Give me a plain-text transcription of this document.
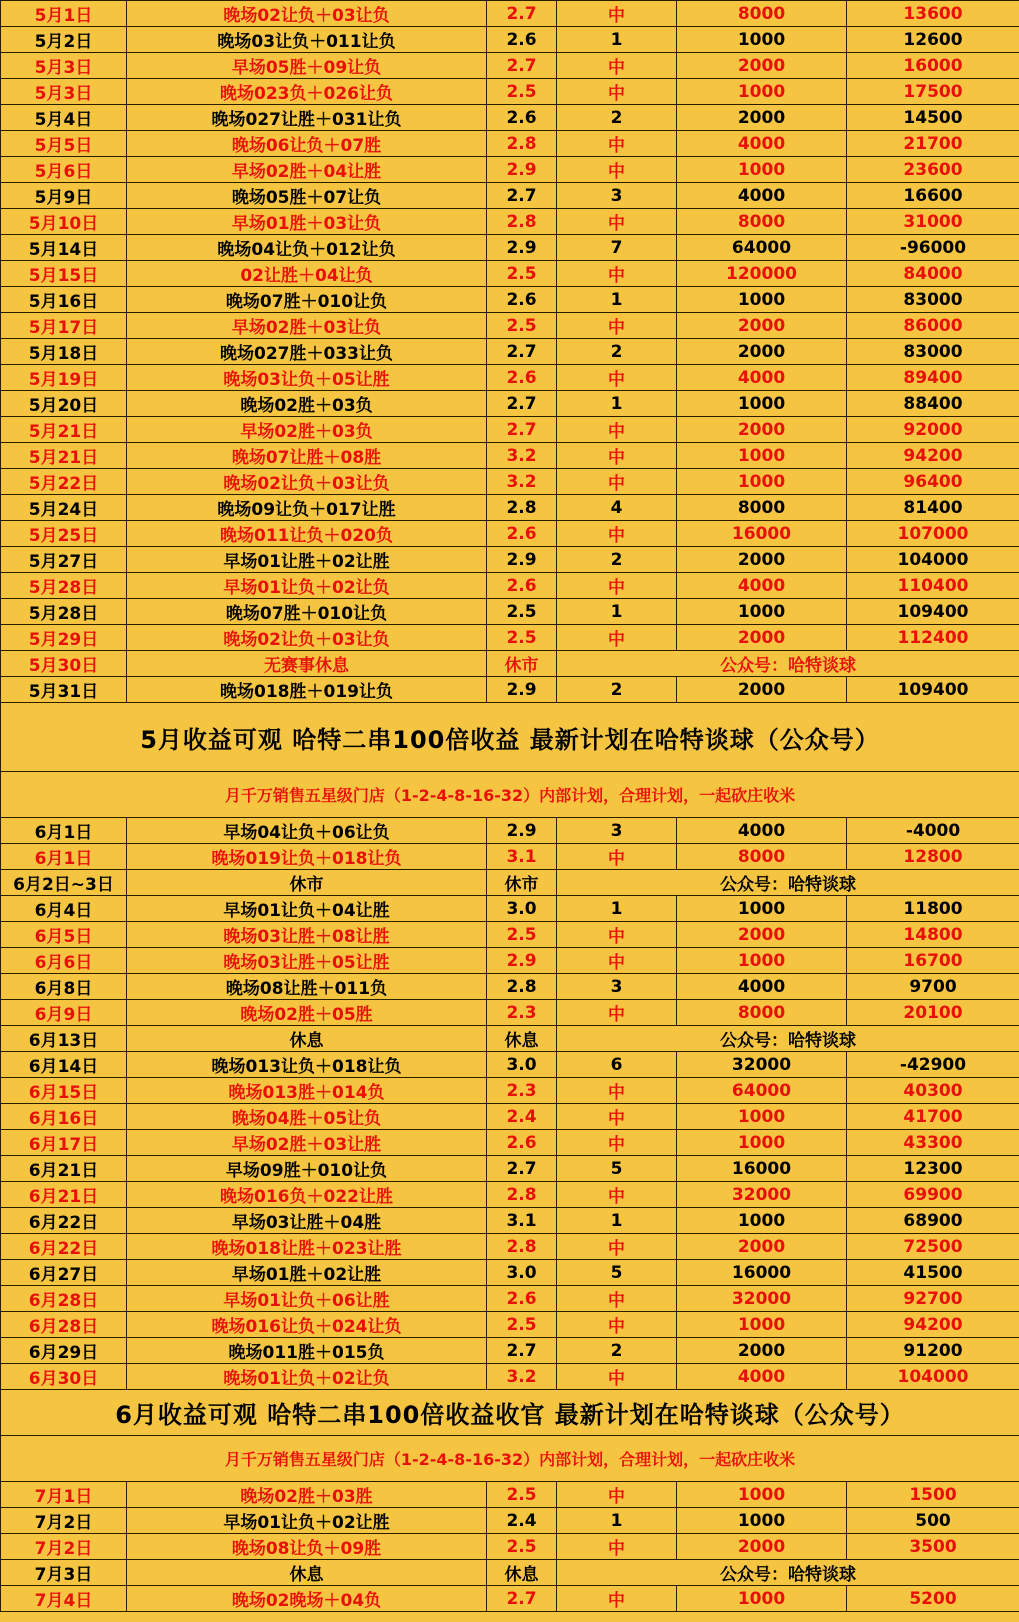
5月1日	晚场02让负＋03让负	2.7	中	8000	13600
5月2日	晚场03让负＋011让负	2.6	1	1000	12600
5月3日	早场05胜＋09让负	2.7	中	2000	16000
5月3日	晚场023负＋026让负	2.5	中	1000	17500
5月4日	晚场027让胜＋031让负	2.6	2	2000	14500
5月5日	晚场06让负＋07胜	2.8	中	4000	21700
5月6日	早场02胜＋04让胜	2.9	中	1000	23600
5月9日	晚场05胜＋07让负	2.7	3	4000	16600
5月10日	早场01胜＋03让负	2.8	中	8000	31000
5月14日	晚场04让负＋012让负	2.9	7	64000	-96000
5月15日	02让胜＋04让负	2.5	中	120000	84000
5月16日	晚场07胜＋010让负	2.6	1	1000	83000
5月17日	早场02胜＋03让负	2.5	中	2000	86000
5月18日	晚场027胜＋033让负	2.7	2	2000	83000
5月19日	晚场03让负＋05让胜	2.6	中	4000	89400
5月20日	晚场02胜＋03负	2.7	1	1000	88400
5月21日	早场02胜＋03负	2.7	中	2000	92000
5月21日	晚场07让胜＋08胜	3.2	中	1000	94200
5月22日	晚场02让负＋03让负	3.2	中	1000	96400
5月24日	晚场09让负＋017让胜	2.8	4	8000	81400
5月25日	晚场011让负＋020负	2.6	中	16000	107000
5月27日	早场01让胜＋02让胜	2.9	2	2000	104000
5月28日	早场01让负＋02让负	2.6	中	4000	110400
5月28日	晚场07胜＋010让负	2.5	1	1000	109400
5月29日	晚场02让负＋03让负	2.5	中	2000	112400
5月30日	无赛事休息	休市	公众号：哈特谈球		
5月31日	晚场018胜＋019让负	2.9	2	2000	109400
5月收益可观 哈特二串100倍收益 最新计划在哈特谈球（公众号）					
月千万销售五星级门店（1-2-4-8-16-32）内部计划，合理计划，一起砍庄收米					
6月1日	早场04让负＋06让负	2.9	3	4000	-4000
6月1日	晚场019让负＋018让负	3.1	中	8000	12800
6月2日~3日	休市	休市	公众号：哈特谈球		
6月4日	早场01让负＋04让胜	3.0	1	1000	11800
6月5日	晚场03让胜＋08让胜	2.5	中	2000	14800
6月6日	晚场03让胜＋05让胜	2.9	中	1000	16700
6月8日	晚场08让胜＋011负	2.8	3	4000	9700
6月9日	晚场02胜＋05胜	2.3	中	8000	20100
6月13日	休息	休息	公众号：哈特谈球		
6月14日	晚场013让负＋018让负	3.0	6	32000	-42900
6月15日	晚场013胜＋014负	2.3	中	64000	40300
6月16日	晚场04胜＋05让负	2.4	中	1000	41700
6月17日	早场02胜＋03让胜	2.6	中	1000	43300
6月21日	早场09胜＋010让负	2.7	5	16000	12300
6月21日	晚场016负＋022让胜	2.8	中	32000	69900
6月22日	早场03让胜＋04胜	3.1	1	1000	68900
6月22日	晚场018让胜＋023让胜	2.8	中	2000	72500
6月27日	早场01胜＋02让胜	3.0	5	16000	41500
6月28日	早场01让负＋06让胜	2.6	中	32000	92700
6月28日	晚场016让负＋024让负	2.5	中	1000	94200
6月29日	晚场011胜＋015负	2.7	2	2000	91200
6月30日	晚场01让负＋02让负	3.2	中	4000	104000
6月收益可观 哈特二串100倍收益收官 最新计划在哈特谈球（公众号）					
月千万销售五星级门店（1-2-4-8-16-32）内部计划，合理计划，一起砍庄收米					
7月1日	晚场02胜＋03胜	2.5	中	1000	1500
7月2日	早场01让负＋02让胜	2.4	1	1000	500
7月2日	晚场08让负＋09胜	2.5	中	2000	3500
7月3日	休息	休息	公众号：哈特谈球		
7月4日	晚场02晚场＋04负	2.7	中	1000	5200
